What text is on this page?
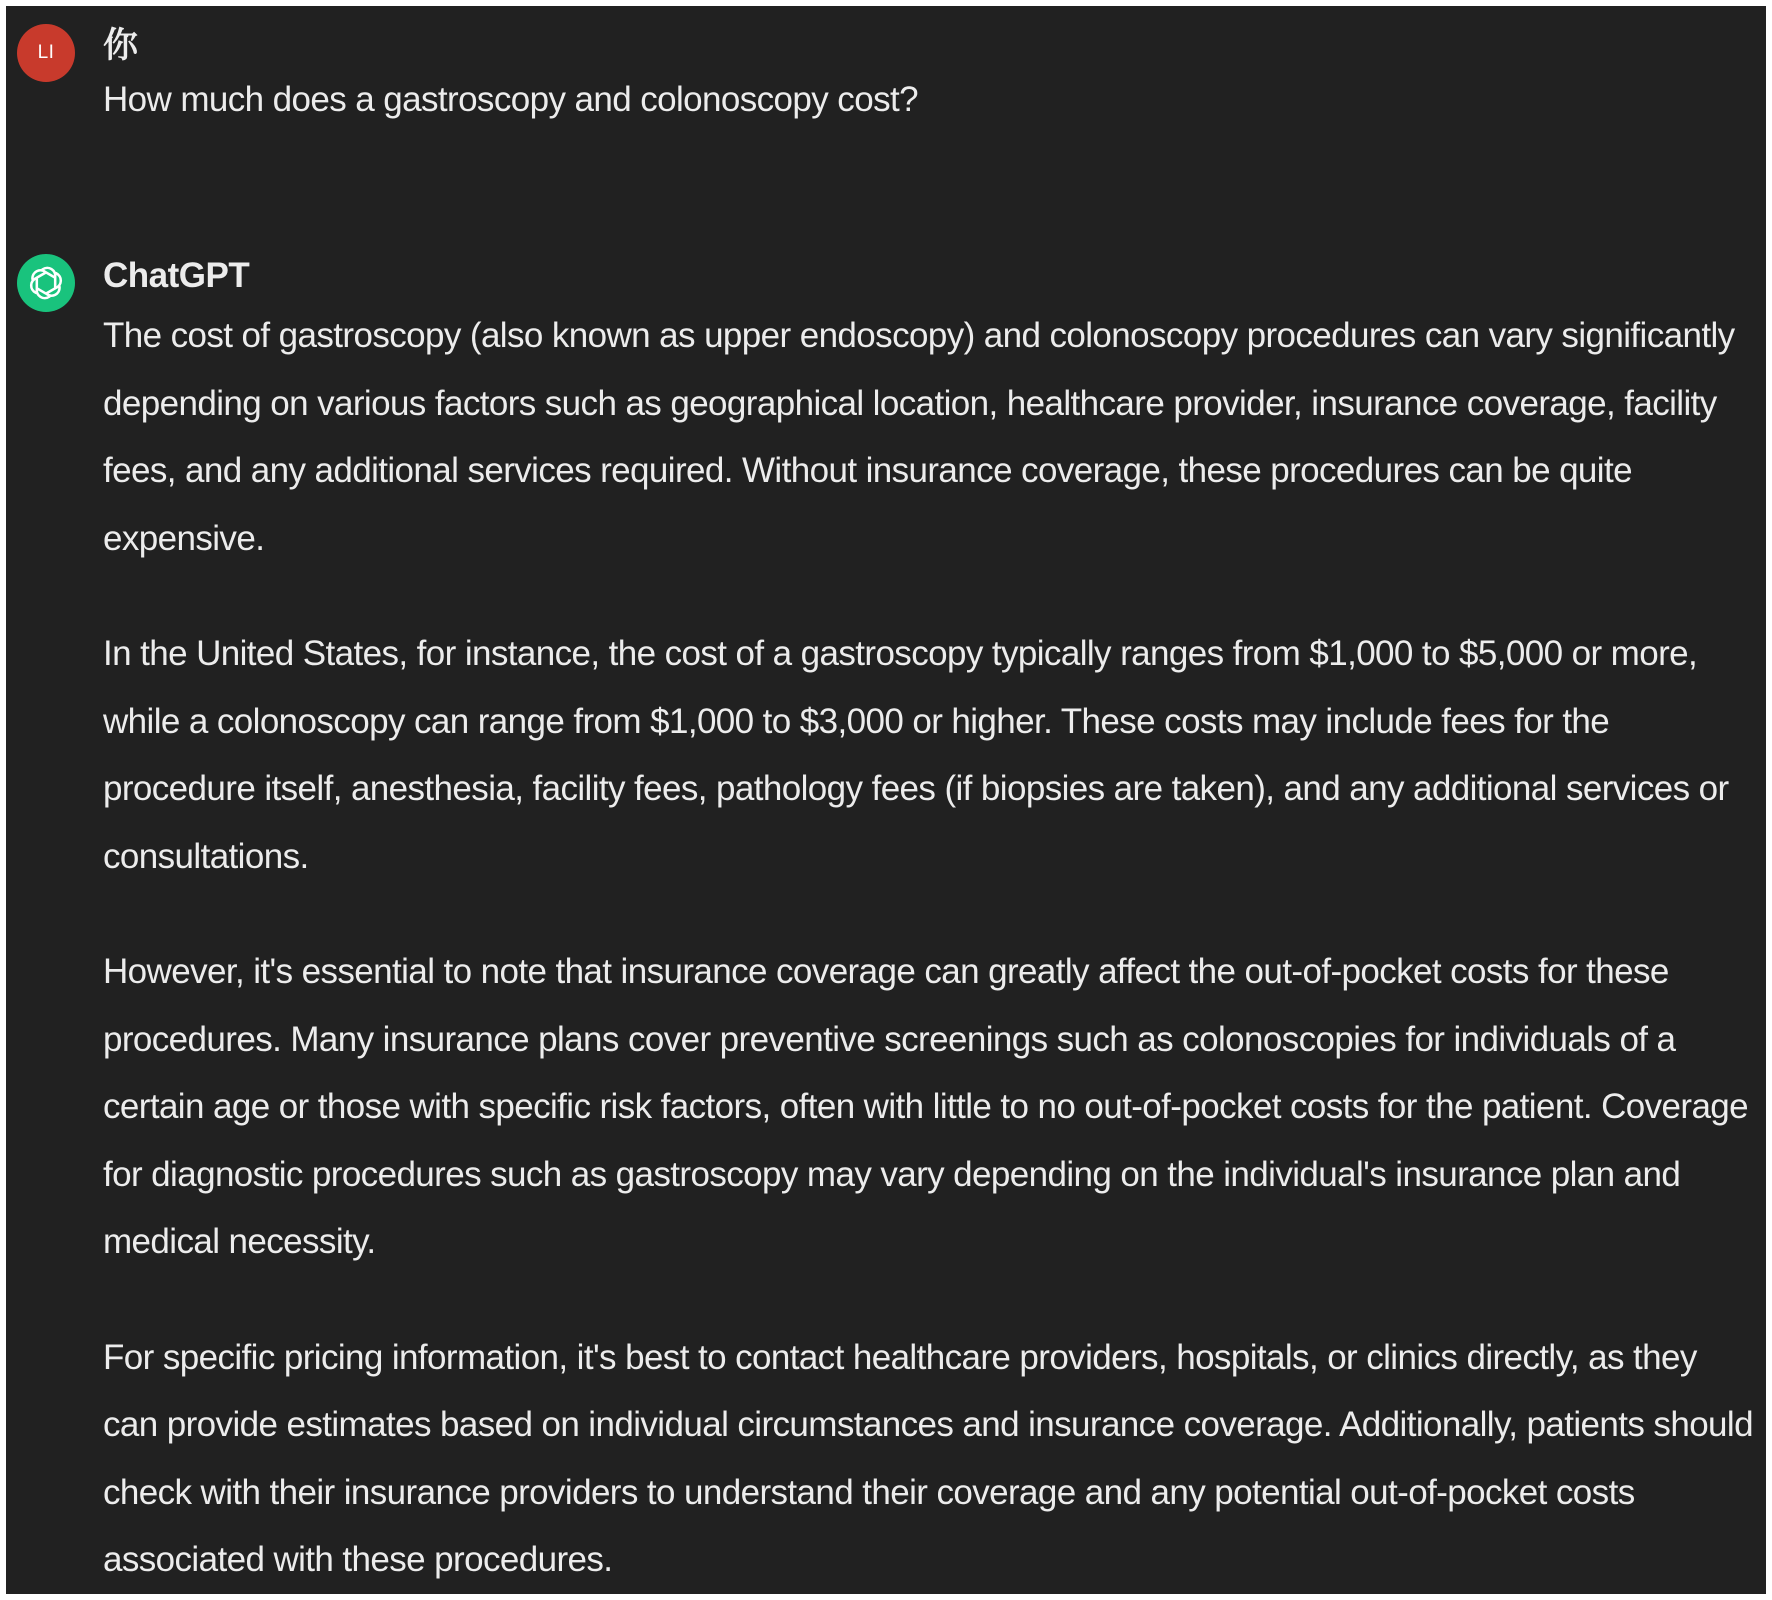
LI 你
How much does a gastroscopy and colonoscopy cost?
ChatGPT

The cost of gastroscopy (also known as upper endoscopy) and colonoscopy procedures can vary significantly depending on various factors such as geographical location, healthcare provider, insurance coverage, facility fees, and any additional services required. Without insurance coverage, these procedures can be quite expensive.

In the United States, for instance, the cost of a gastroscopy typically ranges from $1,000 to $5,000 or more, while a colonoscopy can range from $1,000 to $3,000 or higher. These costs may include fees for the procedure itself, anesthesia, facility fees, pathology fees (if biopsies are taken), and any additional services or consultations.

However, it's essential to note that insurance coverage can greatly affect the out-of-pocket costs for these procedures. Many insurance plans cover preventive screenings such as colonoscopies for individuals of a certain age or those with specific risk factors, often with little to no out-of-pocket costs for the patient. Coverage for diagnostic procedures such as gastroscopy may vary depending on the individual's insurance plan and medical necessity.

For specific pricing information, it's best to contact healthcare providers, hospitals, or clinics directly, as they can provide estimates based on individual circumstances and insurance coverage. Additionally, patients should check with their insurance providers to understand their coverage and any potential out-of-pocket costs associated with these procedures.
